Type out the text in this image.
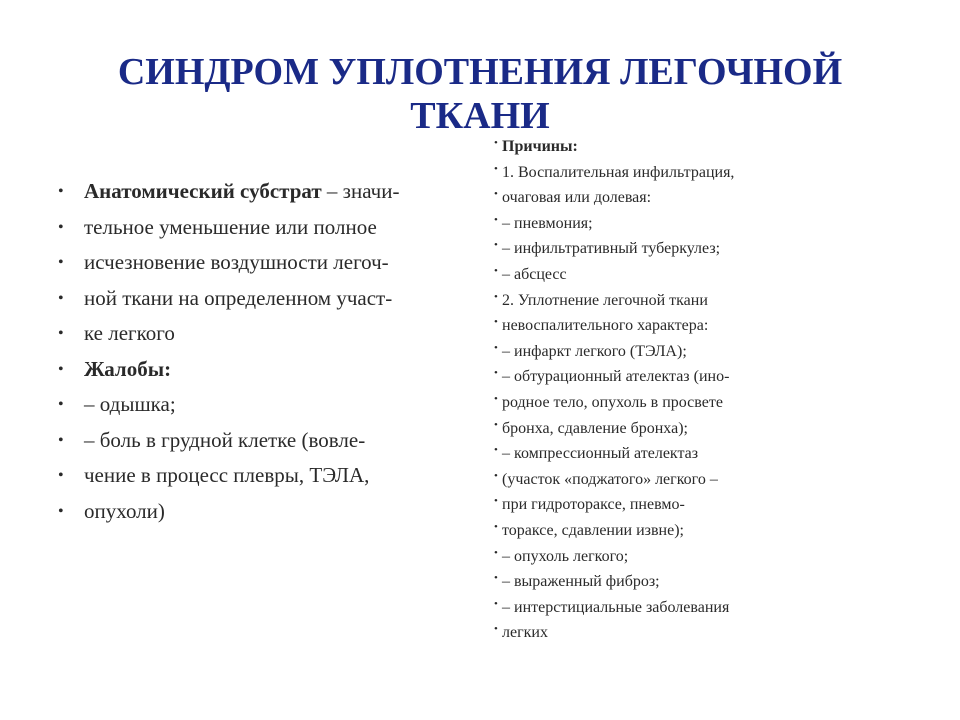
СИНДРОМ УПЛОТНЕНИЯ ЛЕГОЧНОЙ
ТКАНИ
• Анатомический субстрат – значи-
• тельное уменьшение или полное
• исчезновение воздушности легоч-
• ной ткани на определенном участ-
• ке легкого
• Жалобы:
• – одышка;
• – боль в грудной клетке (вовле-
• чение в процесс плевры, ТЭЛА,
• опухоли)
• Причины:
• 1. Воспалительная инфильтрация,
• очаговая или долевая:
• – пневмония;
• – инфильтративный туберкулез;
• – абсцесс
• 2. Уплотнение легочной ткани
• невоспалительного характера:
• – инфаркт легкого (ТЭЛА);
• – обтурационный ателектаз (ино-
• родное тело, опухоль в просвете
• бронха, сдавление бронха);
• – компрессионный ателектаз
• (участок «поджатого» легкого –
• при гидротораксе, пневмо-
• тораксе, сдавлении извне);
• – опухоль легкого;
• – выраженный фиброз;
• – интерстициальные заболевания
• легких
